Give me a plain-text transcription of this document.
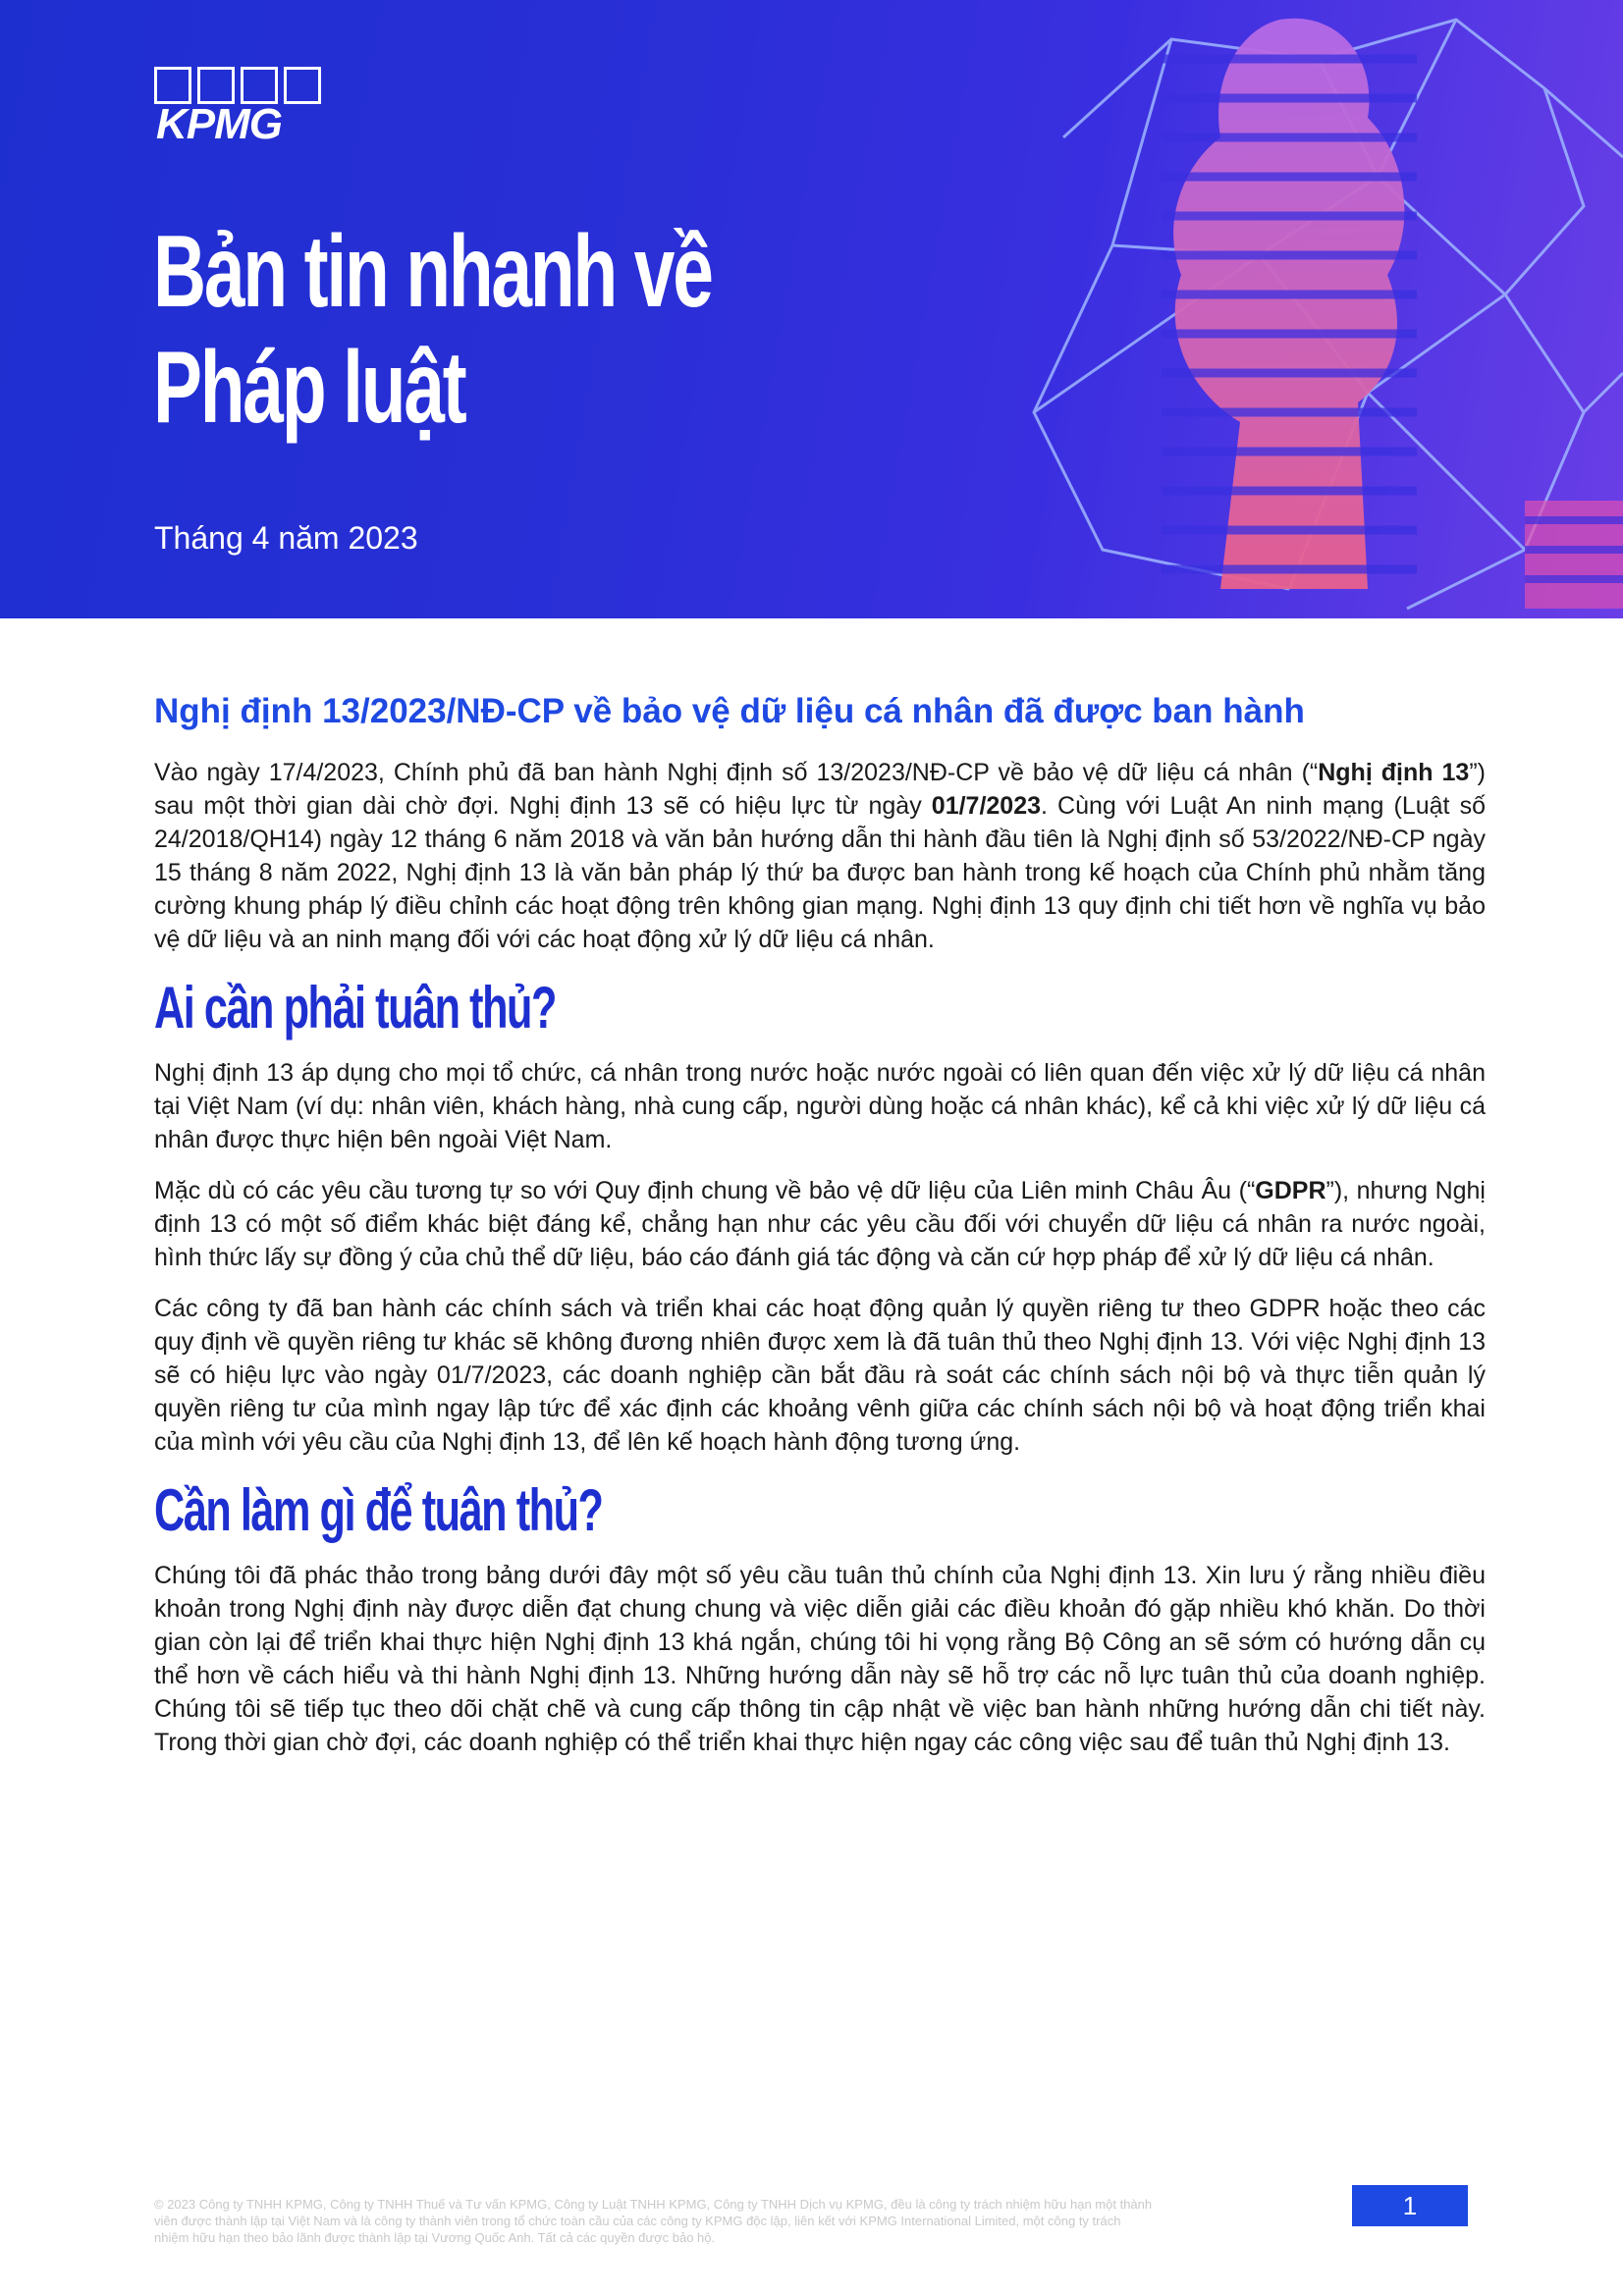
KPMG
Bản tin nhanh về
Pháp luật
Tháng 4 năm 2023
Nghị định 13/2023/NĐ-CP về bảo vệ dữ liệu cá nhân đã được ban hành

Vào ngày 17/4/2023, Chính phủ đã ban hành Nghị định số 13/2023/NĐ-CP về bảo vệ dữ liệu cá nhân (“Nghị định 13”) sau một thời gian dài chờ đợi. Nghị định 13 sẽ có hiệu lực từ ngày 01/7/2023. Cùng với Luật An ninh mạng (Luật số 24/2018/QH14) ngày 12 tháng 6 năm 2018 và văn bản hướng dẫn thi hành đầu tiên là Nghị định số 53/2022/NĐ-CP ngày 15 tháng 8 năm 2022, Nghị định 13 là văn bản pháp lý thứ ba được ban hành trong kế hoạch của Chính phủ nhằm tăng cường khung pháp lý điều chỉnh các hoạt động trên không gian mạng. Nghị định 13 quy định chi tiết hơn về nghĩa vụ bảo vệ dữ liệu và an ninh mạng đối với các hoạt động xử lý dữ liệu cá nhân.

Ai cần phải tuân thủ?

Nghị định 13 áp dụng cho mọi tổ chức, cá nhân trong nước hoặc nước ngoài có liên quan đến việc xử lý dữ liệu cá nhân tại Việt Nam (ví dụ: nhân viên, khách hàng, nhà cung cấp, người dùng hoặc cá nhân khác), kể cả khi việc xử lý dữ liệu cá nhân được thực hiện bên ngoài Việt Nam.

Mặc dù có các yêu cầu tương tự so với Quy định chung về bảo vệ dữ liệu của Liên minh Châu Âu (“GDPR”), nhưng Nghị định 13 có một số điểm khác biệt đáng kể, chẳng hạn như các yêu cầu đối với chuyển dữ liệu cá nhân ra nước ngoài, hình thức lấy sự đồng ý của chủ thể dữ liệu, báo cáo đánh giá tác động và căn cứ hợp pháp để xử lý dữ liệu cá nhân.

Các công ty đã ban hành các chính sách và triển khai các hoạt động quản lý quyền riêng tư theo GDPR hoặc theo các quy định về quyền riêng tư khác sẽ không đương nhiên được xem là đã tuân thủ theo Nghị định 13. Với việc Nghị định 13 sẽ có hiệu lực vào ngày 01/7/2023, các doanh nghiệp cần bắt đầu rà soát các chính sách nội bộ và thực tiễn quản lý quyền riêng tư của mình ngay lập tức để xác định các khoảng vênh giữa các chính sách nội bộ và hoạt động triển khai của mình với yêu cầu của Nghị định 13, để lên kế hoạch hành động tương ứng.

Cần làm gì để tuân thủ?

Chúng tôi đã phác thảo trong bảng dưới đây một số yêu cầu tuân thủ chính của Nghị định 13. Xin lưu ý rằng nhiều điều khoản trong Nghị định này được diễn đạt chung chung và việc diễn giải các điều khoản đó gặp nhiều khó khăn. Do thời gian còn lại để triển khai thực hiện Nghị định 13 khá ngắn, chúng tôi hi vọng rằng Bộ Công an sẽ sớm có hướng dẫn cụ thể hơn về cách hiểu và thi hành Nghị định 13. Những hướng dẫn này sẽ hỗ trợ các nỗ lực tuân thủ của doanh nghiệp. Chúng tôi sẽ tiếp tục theo dõi chặt chẽ và cung cấp thông tin cập nhật về việc ban hành những hướng dẫn chi tiết này. Trong thời gian chờ đợi, các doanh nghiệp có thể triển khai thực hiện ngay các công việc sau để tuân thủ Nghị định 13.

© 2023 Công ty TNHH KPMG, Công ty TNHH Thuế và Tư vấn KPMG, Công ty Luật TNHH KPMG, Công ty TNHH Dịch vụ KPMG, đều là công ty trách nhiệm hữu hạn một thành viên được thành lập tại Việt Nam và là công ty thành viên trong tổ chức toàn cầu của các công ty KPMG độc lập, liên kết với KPMG International Limited, một công ty trách nhiệm hữu hạn theo bảo lãnh được thành lập tại Vương Quốc Anh. Tất cả các quyền được bảo hộ.
1
